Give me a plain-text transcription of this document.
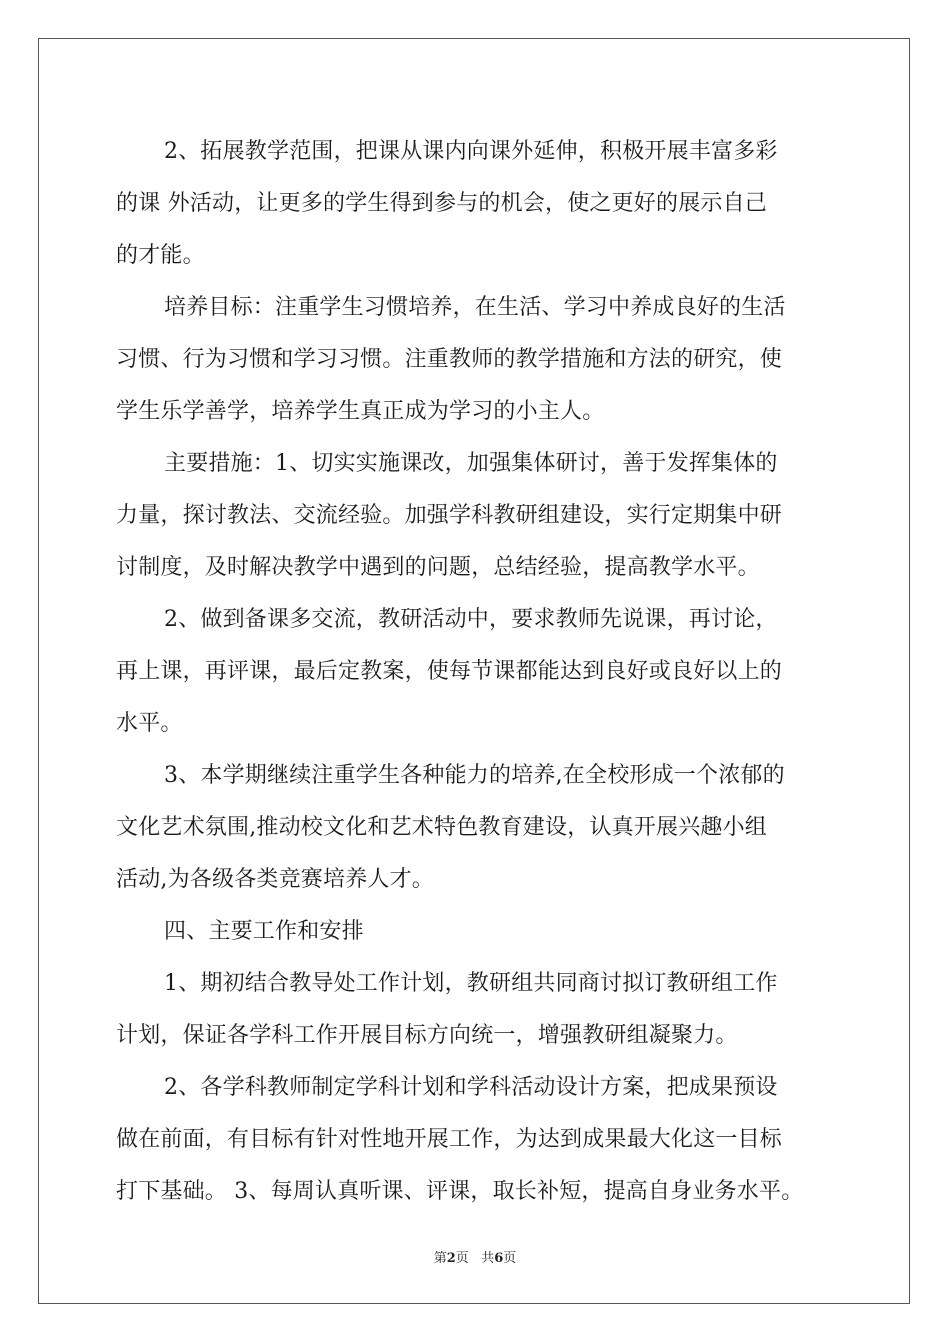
2、拓展教学范围，把课从课内向课外延伸，积极开展丰富多彩
的课 外活动，让更多的学生得到参与的机会，使之更好的展示自己
的才能。
培养目标：注重学生习惯培养，在生活、学习中养成良好的生活
习惯、行为习惯和学习习惯。注重教师的教学措施和方法的研究，使
学生乐学善学，培养学生真正成为学习的小主人。
主要措施：1、切实实施课改，加强集体研讨，善于发挥集体的
力量，探讨教法、交流经验。加强学科教研组建设，实行定期集中研
讨制度，及时解决教学中遇到的问题，总结经验，提高教学水平。
2、做到备课多交流，教研活动中，要求教师先说课，再讨论，
再上课，再评课，最后定教案，使每节课都能达到良好或良好以上的
水平。
3、本学期继续注重学生各种能力的培养,在全校形成一个浓郁的
文化艺术氛围,推动校文化和艺术特色教育建设，认真开展兴趣小组
活动,为各级各类竞赛培养人才。
四、主要工作和安排
1、期初结合教导处工作计划，教研组共同商讨拟订教研组工作
计划，保证各学科工作开展目标方向统一，增强教研组凝聚力。
2、各学科教师制定学科计划和学科活动设计方案，把成果预设
做在前面，有目标有针对性地开展工作，为达到成果最大化这一目标
打下基础。 3、每周认真听课、评课，取长补短，提高自身业务水平。
第2页 共6页
